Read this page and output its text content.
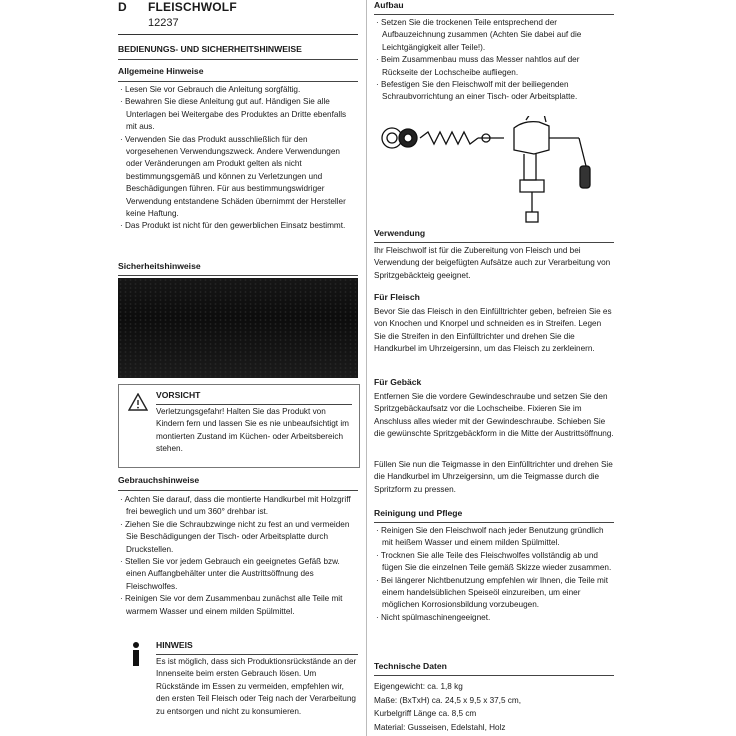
D FLEISCHWOLF
12237
BEDIENUNGS- UND SICHERHEITSHINWEISE
Allgemeine Hinweise

· Lesen Sie vor Gebrauch die Anleitung sorgfältig.

· Bewahren Sie diese Anleitung gut auf. Händigen Sie alle Unterlagen bei Weitergabe des Produktes an Dritte ebenfalls mit aus.

· Verwenden Sie das Produkt ausschließlich für den vorgesehenen Verwendungszweck. Andere Verwendungen oder Veränderungen am Produkt gelten als nicht bestimmungsgemäß und können zu Verletzungen und Beschädigungen führen. Für aus bestimmungswidriger Verwendung entstandene Schäden übernimmt der Hersteller keine Haftung.

· Das Produkt ist nicht für den gewerblichen Einsatz bestimmt.

Sicherheitshinweise
VORSICHT

Verletzungsgefahr! Halten Sie das Produkt von Kindern fern und lassen Sie es nie unbeaufsichtigt im montierten Zustand im Küchen- oder Arbeitsbereich stehen.

Gebrauchshinweise

· Achten Sie darauf, dass die montierte Handkurbel mit Holzgriff frei beweglich und um 360° drehbar ist.

· Ziehen Sie die Schraubzwinge nicht zu fest an und vermeiden Sie Beschädigungen der Tisch- oder Arbeitsplatte durch Druckstellen.

· Stellen Sie vor jedem Gebrauch ein geeignetes Gefäß bzw. einen Auffangbehälter unter die Austrittsöffnung des Fleischwolfes.

· Reinigen Sie vor dem Zusammenbau zunächst alle Teile mit warmem Wasser und einem milden Spülmittel.

HINWEIS

Es ist möglich, dass sich Produktionsrückstände an der Innenseite beim ersten Gebrauch lösen. Um Rückstände im Essen zu vermeiden, empfehlen wir, den ersten Teil Fleisch oder Teig nach der Verarbeitung zu entsorgen und nicht zu konsumieren.

Aufbau

· Setzen Sie die trockenen Teile entsprechend der Aufbauzeichnung zusammen (Achten Sie dabei auf die Leichtgängigkeit aller Teile!).

· Beim Zusammenbau muss das Messer nahtlos auf der Rückseite der Lochscheibe aufliegen.

· Befestigen Sie den Fleischwolf mit der beiliegenden Schraubvorrichtung an einer Tisch- oder Arbeitsplatte.

Verwendung

Ihr Fleischwolf ist für die Zubereitung von Fleisch und bei Verwendung der beigefügten Aufsätze auch zur Verarbeitung von Spritzgebäckteig geeignet.

Für Fleisch

Bevor Sie das Fleisch in den Einfülltrichter geben, befreien Sie es von Knochen und Knorpel und schneiden es in Streifen. Legen Sie die Streifen in den Einfülltrichter und drehen Sie die Handkurbel im Uhrzeigersinn, um das Fleisch zu zerkleinern.

Für Gebäck

Entfernen Sie die vordere Gewindeschraube und setzen Sie den Spritzgebäckaufsatz vor die Lochscheibe. Fixieren Sie im Anschluss alles wieder mit der Gewindeschraube. Schieben Sie die gewünschte Spritzgebäckform in die Mitte der Austrittsöffnung.

Füllen Sie nun die Teigmasse in den Einfülltrichter und drehen Sie die Handkurbel im Uhrzeigersinn, um die Teigmasse durch die Spritzform zu pressen.

Reinigung und Pflege

· Reinigen Sie den Fleischwolf nach jeder Benutzung gründlich mit heißem Wasser und einem milden Spülmittel.

· Trocknen Sie alle Teile des Fleischwolfes vollständig ab und fügen Sie die einzelnen Teile gemäß Skizze wieder zusammen.

· Bei längerer Nichtbenutzung empfehlen wir Ihnen, die Teile mit einem handelsüblichen Speiseöl einzureiben, um einer möglichen Korrosionsbildung vorzubeugen.

· Nicht spülmaschinengeeignet.

Technische Daten

Eigengewicht: ca. 1,8 kg

Maße: (BxTxH) ca. 24,5 x 9,5 x 37,5 cm,

Kurbelgriff Länge ca. 8,5 cm

Material: Gusseisen, Edelstahl, Holz
